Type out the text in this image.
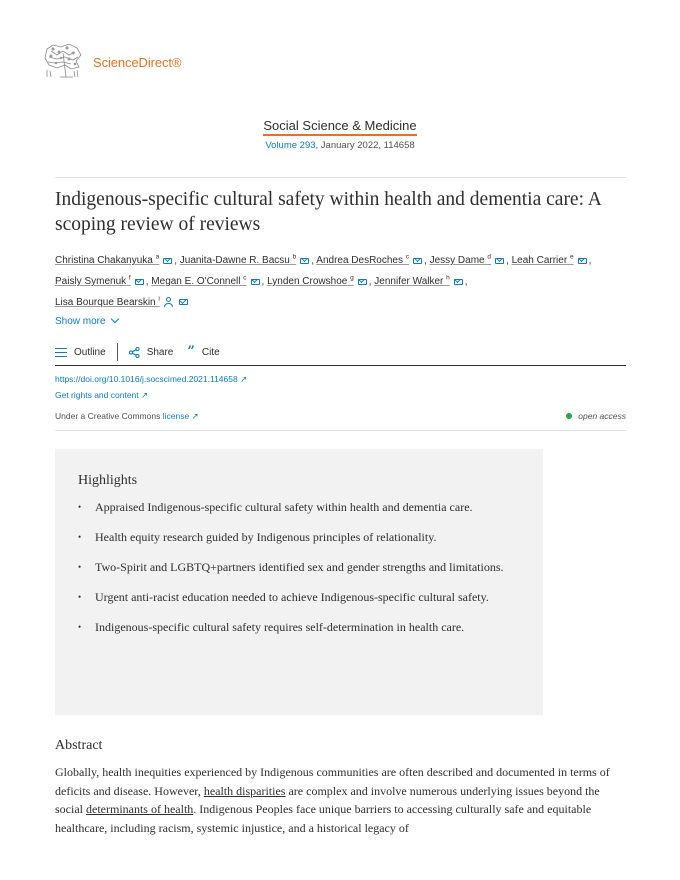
ScienceDirect®
Social Science & Medicine
Volume 293, January 2022, 114658
Indigenous-specific cultural safety within health and dementia care: A scoping review of reviews
Christina Chakanyuka $^a$ , Juanita-Dawne R. Bacsu $^b$ , Andrea DesRoches $^c$ , Jessy Dame $^d$ , Leah Carrier $^e$ ,
Paisly Symenuk $^f$ , Megan E. O'Connell $^c$ , Lynden Crowshoe $^g$ , Jennifer Walker $^h$ ,
Lisa Bourque Bearskin $^i$
Show more
Outline	Share ” Cite
https://doi.org/10.1016/j.socscimed.2021.114658 ↗
Get rights and content ↗
Under a Creative Commons license ↗	open access
Highlights
• Appraised Indigenous-specific cultural safety within health and dementia care.
• Health equity research guided by Indigenous principles of relationality.
• Two-Spirit and LGBTQ+partners identified sex and gender strengths and limitations.
• Urgent anti-racist education needed to achieve Indigenous-specific cultural safety.
• Indigenous-specific cultural safety requires self-determination in health care.
Abstract
Globally, health inequities experienced by Indigenous communities are often described and documented in terms of deficits and disease. However, health disparities are complex and involve numerous underlying issues beyond the social determinants of health. Indigenous Peoples face unique barriers to accessing culturally safe and equitable healthcare, including racism, systemic injustice, and a historical legacy of
